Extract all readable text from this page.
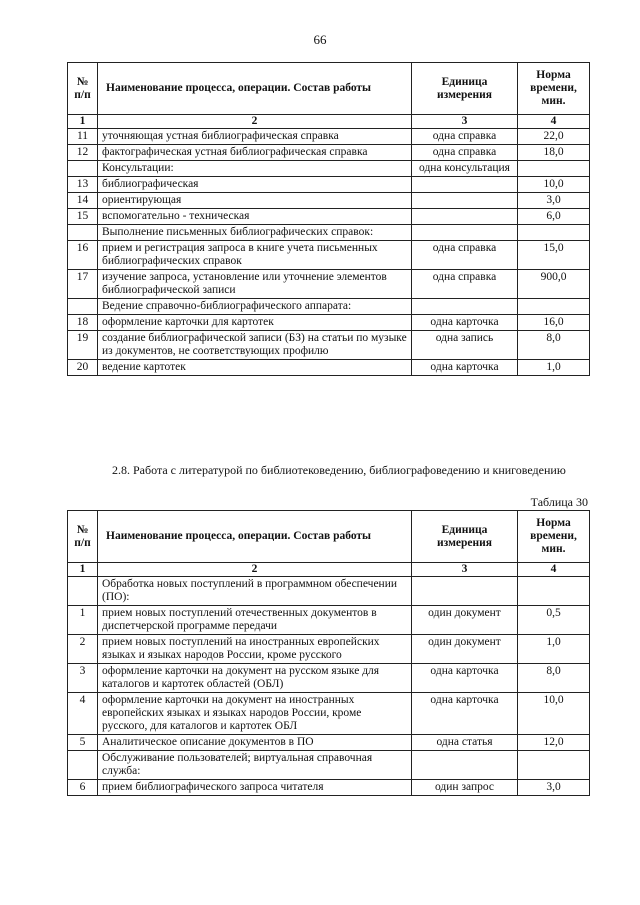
66
№ п/п	Наименование процесса, операции. Состав работы	Единица измерения	Норма времени, мин.
1	2	3	4
11	уточняющая устная библиографическая справка	одна справка	22,0
12	фактографическая устная библиографическая справка	одна справка	18,0
	Консультации:	одна консультация	
13	библиографическая		10,0
14	ориентирующая		3,0
15	вспомогательно - техническая		6,0
	Выполнение письменных библиографических справок:		
16	прием и регистрация запроса в книге учета письменных библиографических справок	одна справка	15,0
17	изучение запроса, установление или уточнение элементов библиографической записи	одна справка	900,0
	Ведение справочно-библиографического аппарата:		
18	оформление карточки для картотек	одна карточка	16,0
19	создание библиографической записи (БЗ) на статьи по музыке из документов, не соответствующих профилю	одна запись	8,0
20	ведение картотек	одна карточка	1,0
2.8. Работа с литературой по библиотековедению, библиографоведению и книговедению
Таблица 30
№ п/п	Наименование процесса, операции. Состав работы	Единица измерения	Норма времени, мин.
1	2	3	4
	Обработка новых поступлений в программном обеспечении (ПО):		
1	прием новых поступлений отечественных документов в диспетчерской программе передачи	один документ	0,5
2	прием новых поступлений на иностранных европейских языках и языках народов России, кроме русского	один документ	1,0
3	оформление карточки на документ на русском языке для каталогов и картотек областей (ОБЛ)	одна карточка	8,0
4	оформление карточки на документ на иностранных европейских языках и языках народов России, кроме русского, для каталогов и картотек ОБЛ	одна карточка	10,0
5	Аналитическое описание документов в ПО	одна статья	12,0
	Обслуживание пользователей; виртуальная справочная служба:		
6	прием библиографического запроса читателя	один запрос	3,0
